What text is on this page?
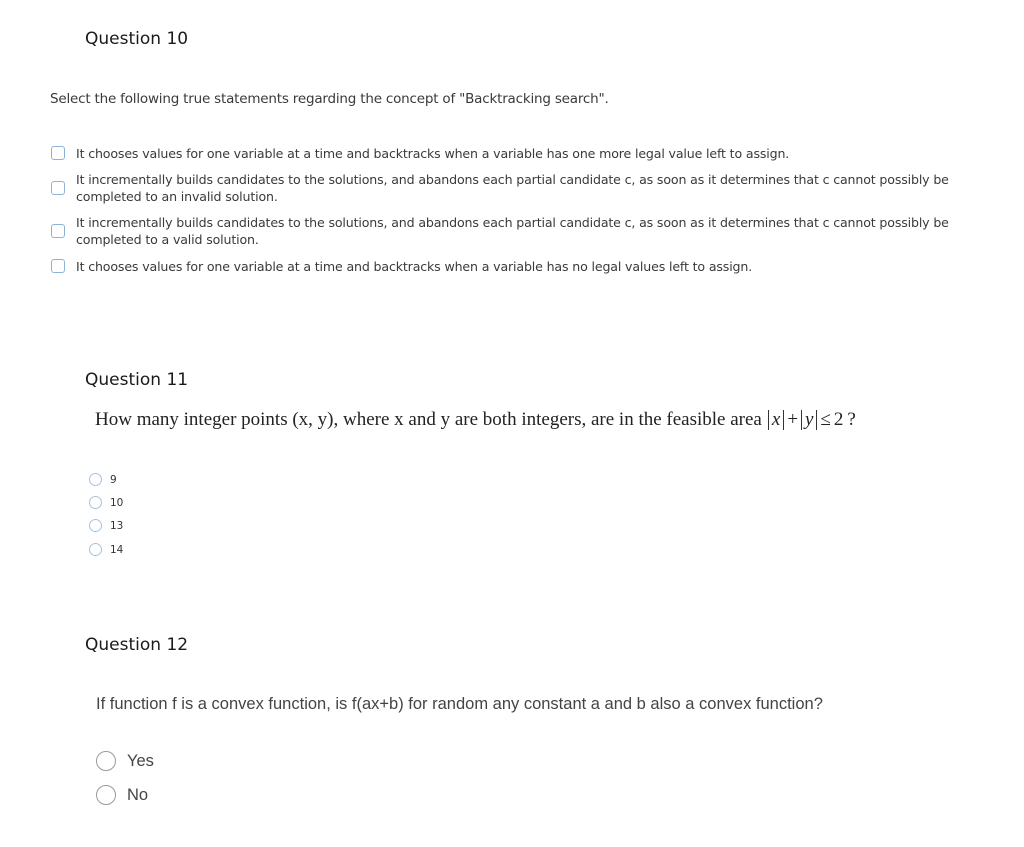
Question 10
Select the following true statements regarding the concept of "Backtracking search".
It chooses values for one variable at a time and backtracks when a variable has one more legal value left to assign.
It incrementally builds candidates to the solutions, and abandons each partial candidate c, as soon as it determines that c cannot possibly be completed to an invalid solution.
It incrementally builds candidates to the solutions, and abandons each partial candidate c, as soon as it determines that c cannot possibly be completed to a valid solution.
It chooses values for one variable at a time and backtracks when a variable has no legal values left to assign.
Question 11
How many integer points (x, y), where x and y are both integers, are in the feasible area x + y ≤ 2 ?
9
10
13
14
Question 12
If function f is a convex function, is f(ax+b) for random any constant a and b also a convex function?
Yes
No
